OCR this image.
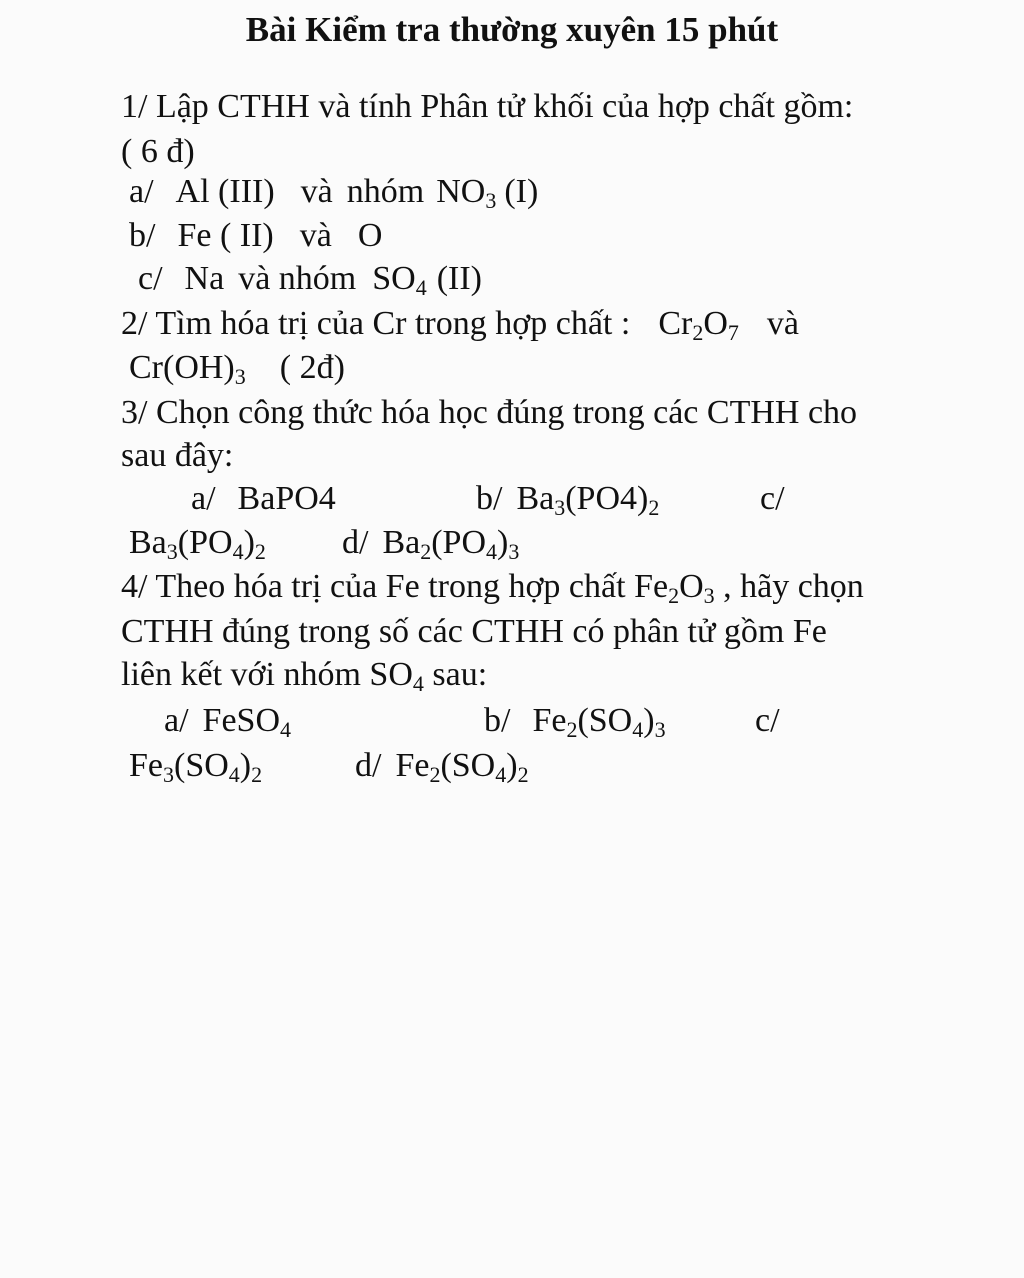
Bài Kiểm tra thường xuyên 15 phút
1/ Lập CTHH và tính Phân tử khối của hợp chất gồm:
( 6 đ)
a/ Al (III) và nhóm $NO_3$ (I)
b/ Fe ( II) và O
c/ Na và nhóm $SO_4$ (II)
2/ Tìm hóa trị của Cr trong hợp chất : $Cr_2O_7$ và
$Cr(OH)_3$ ( 2đ)
3/ Chọn công thức hóa học đúng trong các CTHH cho
sau đây:
a/ BaPO4	b/ $Ba_3(PO4)_2$	c/
$Ba_3(PO_4)_2$ d/ $Ba_2(PO_4)_3$
4/ Theo hóa trị của Fe trong hợp chất $Fe_2O_3$ , hãy chọn
CTHH đúng trong số các CTHH có phân tử gồm Fe
liên kết với nhóm $SO_4$ sau:
a/ FeSO$_4$	b/ $Fe_2(SO_4)_3$	c/
$Fe_3(SO_4)_2$	d/ $Fe_2(SO_4)_2$
